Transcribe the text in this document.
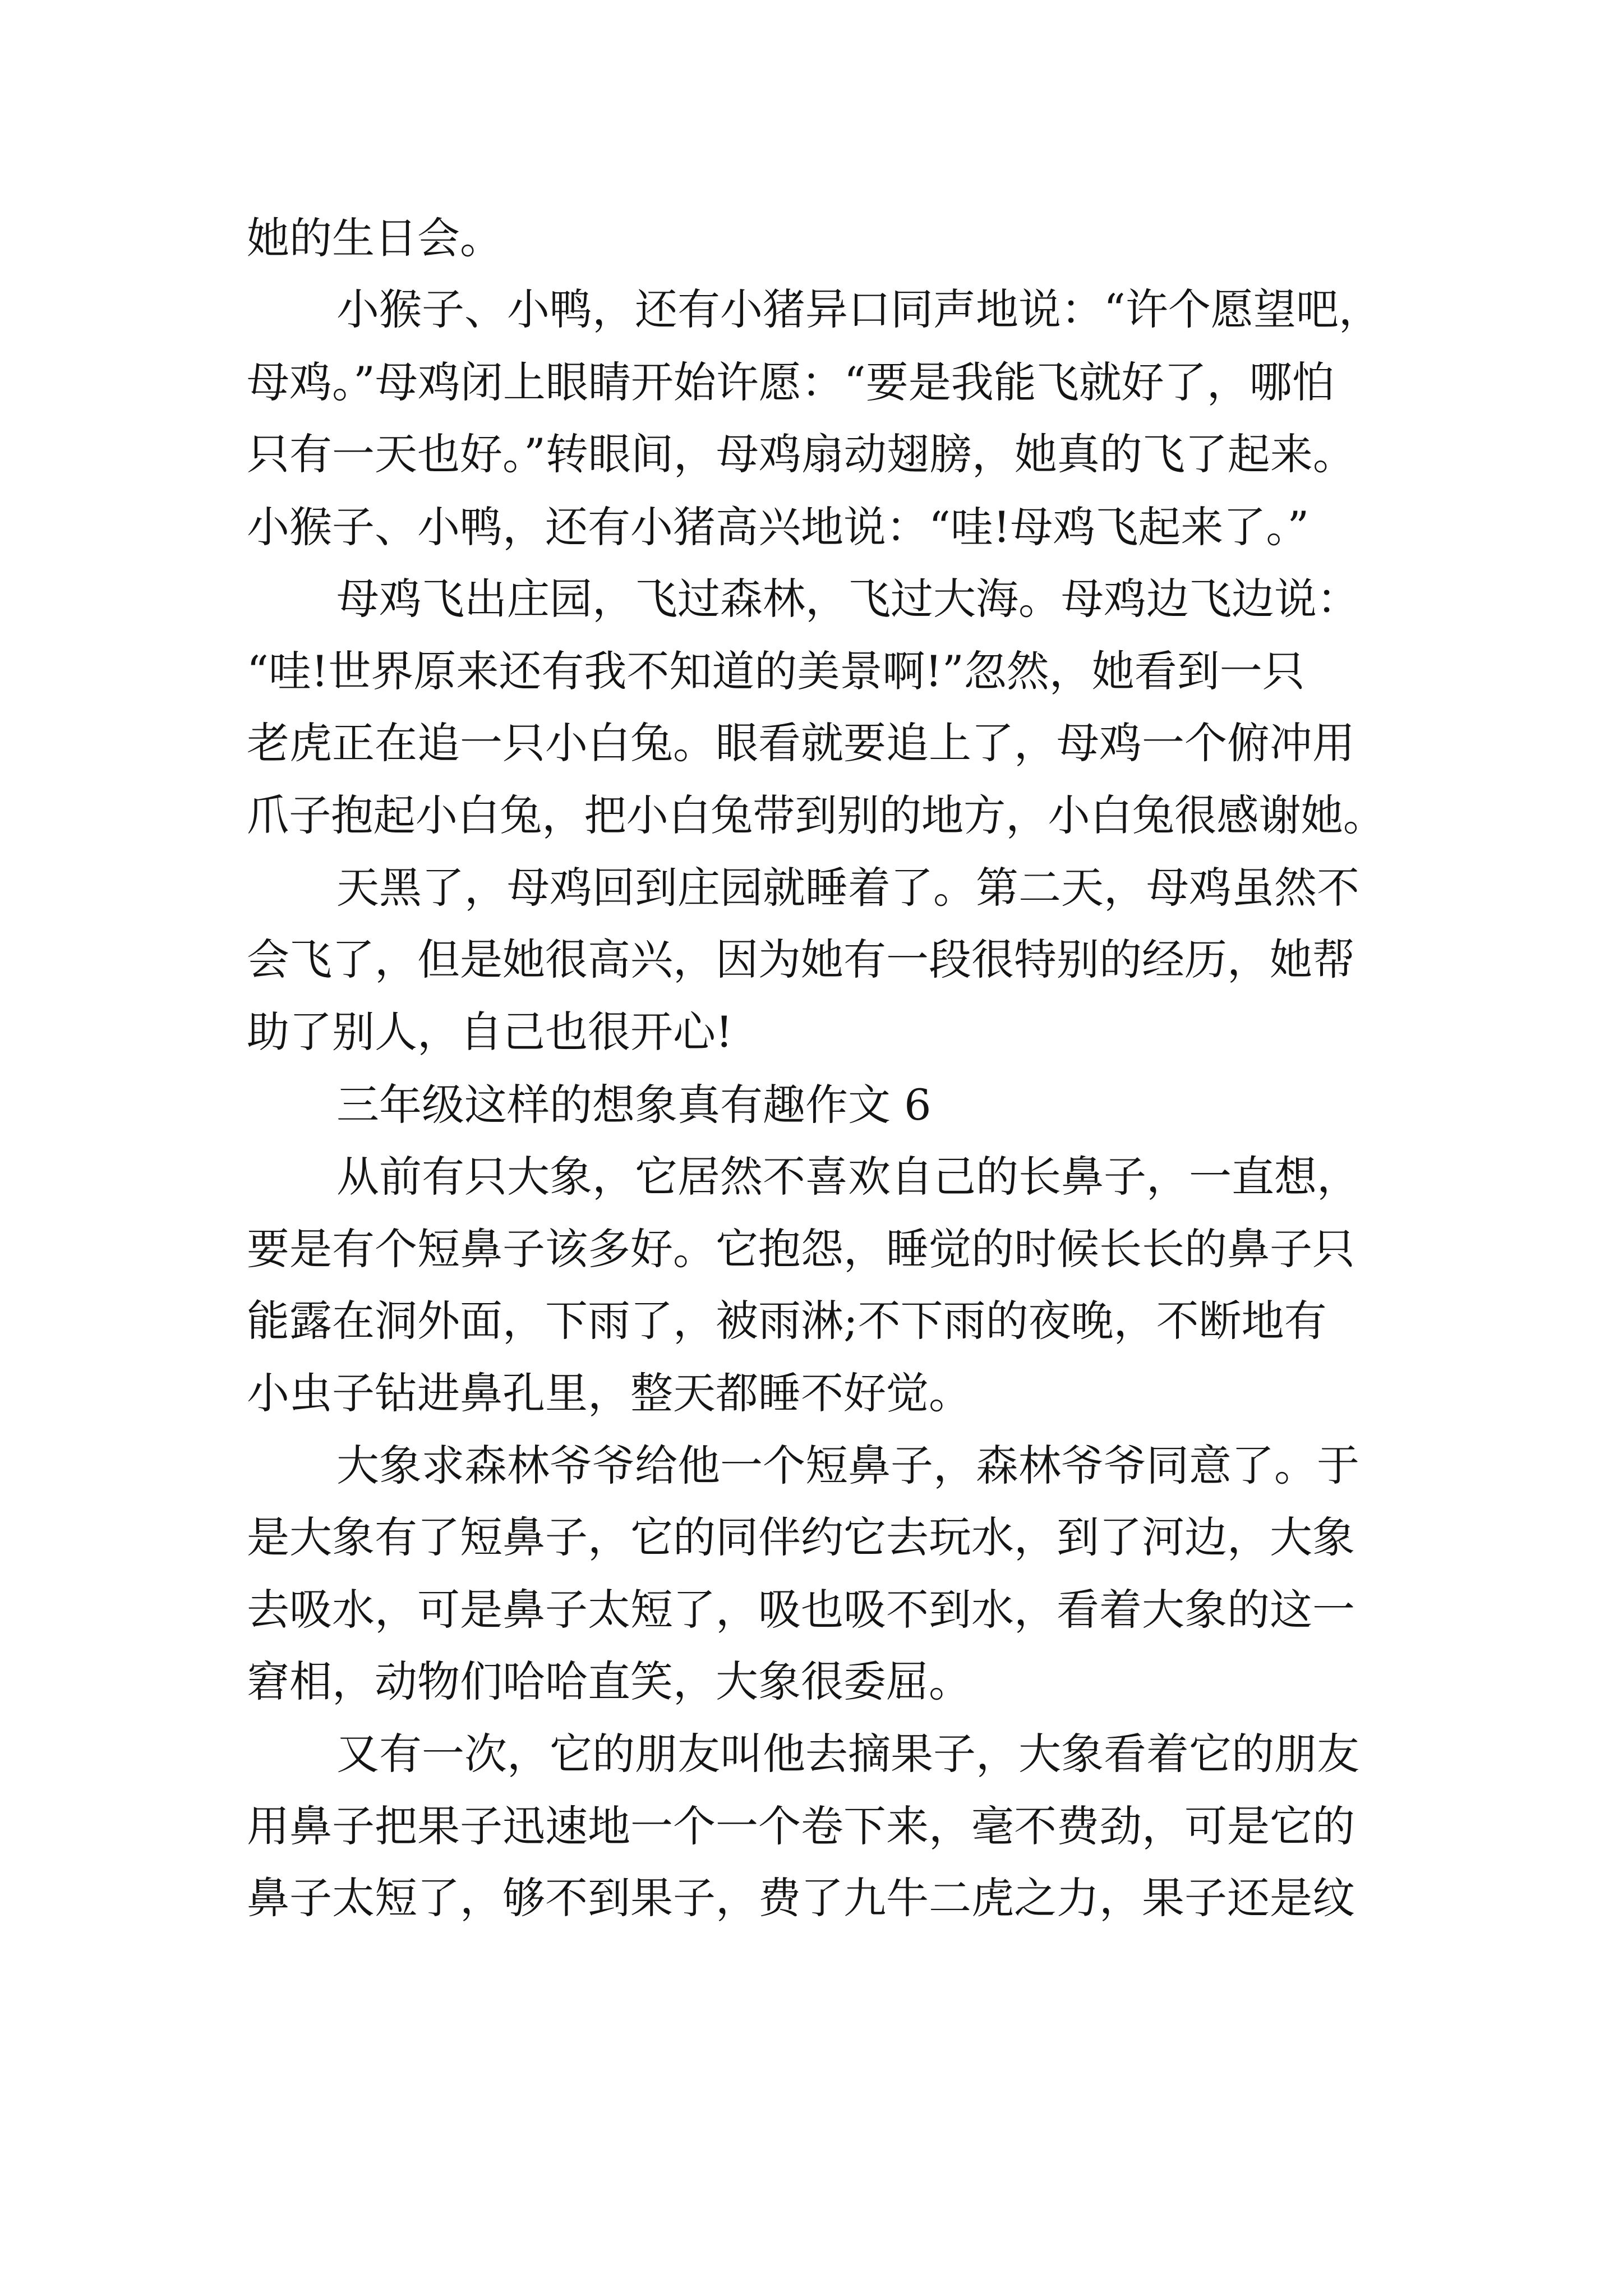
她的生日会。

小猴子、小鸭，还有小猪异口同声地说：“许个愿望吧，

母鸡。”母鸡闭上眼睛开始许愿：“要是我能飞就好了，哪怕

只有一天也好。”转眼间，母鸡扇动翅膀，她真的飞了起来。

小猴子、小鸭，还有小猪高兴地说：“哇!母鸡飞起来了。”

母鸡飞出庄园，飞过森林，飞过大海。母鸡边飞边说：

“哇!世界原来还有我不知道的美景啊!”忽然，她看到一只

老虎正在追一只小白兔。眼看就要追上了，母鸡一个俯冲用

爪子抱起小白兔，把小白兔带到别的地方，小白兔很感谢她。

天黑了，母鸡回到庄园就睡着了。第二天，母鸡虽然不

会飞了，但是她很高兴，因为她有一段很特别的经历，她帮

助了别人，自己也很开心!

三年级这样的想象真有趣作文 6

从前有只大象，它居然不喜欢自己的长鼻子，一直想，

要是有个短鼻子该多好。它抱怨，睡觉的时候长长的鼻子只

能露在洞外面，下雨了，被雨淋;不下雨的夜晚，不断地有

小虫子钻进鼻孔里，整天都睡不好觉。

大象求森林爷爷给他一个短鼻子，森林爷爷同意了。于

是大象有了短鼻子，它的同伴约它去玩水，到了河边，大象

去吸水，可是鼻子太短了，吸也吸不到水，看着大象的这一

窘相，动物们哈哈直笑，大象很委屈。

又有一次，它的朋友叫他去摘果子，大象看着它的朋友

用鼻子把果子迅速地一个一个卷下来，毫不费劲，可是它的

鼻子太短了，够不到果子，费了九牛二虎之力，果子还是纹
